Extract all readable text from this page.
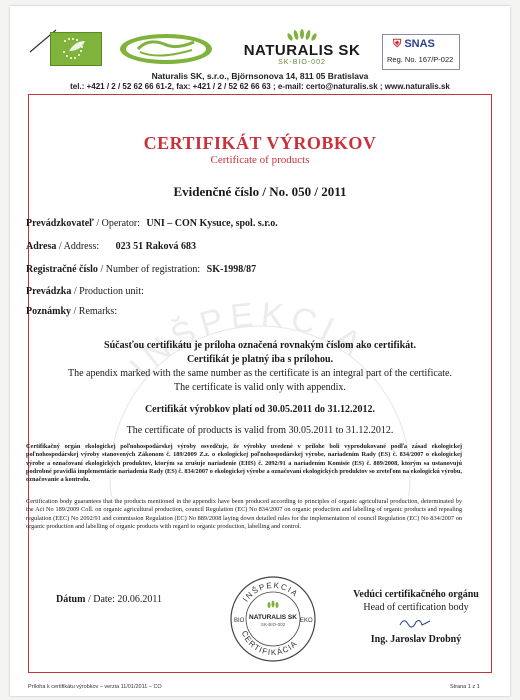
NATURALIS SK
SK-BIO-002
⛨ SNAS
Reg. No. 167/P-022
Naturalis SK, s.r.o., Björnsonova 14, 811 05 Bratislava
tel.: +421 / 2 / 52 62 66 61-2, fax: +421 / 2 / 52 62 66 63 ; e-mail: certo@naturalis.sk ; www.naturalis.sk
INŠPEKCIA
CERTIFIKÁT VÝROBKOV
Certificate of products
Evidenčné číslo / No. 050 / 2011
Prevádzkovateľ / Operator: UNI – CON Kysuce, spol. s.r.o.
Adresa / Address: 023 51 Raková 683
Registračné číslo / Number of registration: SK-1998/87
Prevádzka / Production unit:
Poznámky / Remarks:
Súčasťou certifikátu je príloha označená rovnakým číslom ako certifikát.
Certifikát je platný iba s prílohou.
The apendix marked with the same number as the certificate is an integral part of the certificate.
The certificate is valid only with appendix.
Certifikát výrobkov platí od 30.05.2011 do 31.12.2012.
The certificate of products is valid from 30.05.2011 to 31.12.2012.
Certifikačný orgán ekologickej poľnohospodárskej výroby osvedčuje, že výrobky uvedené v prílohe boli vyprodukované podľa zásad ekologickej poľnohospodárskej výroby stanovených Zákonom č. 189/2009 Z.z. o ekologickej poľnohospodárskej výrobe, nariadením Rady (ES) č. 834/2007 o ekologickej výrobe a označovaní ekologických produktov, ktorým sa zrušuje nariadenie (EHS) č. 2092/91 a nariadením Komisie (ES) č. 889/2008, ktorým sa ustanovujú podrobné pravidlá implementácie nariadenia Rady (ES) č. 834/2007 o ekologickej výrobe a označovaní ekologických produktov so zreteľom na ekologickú výrobu, označovanie a kontrolu.
Certification body guarantees that the products mentioned in the appendix have been produced according to principles of organic agricultural production, determinated by the Act No 189/2009 Coll. on organic agricultural production, council Regulation (EC) No 834/2007 on organic production and labelling of organic products and repealing regulation (EEC) No 2092/91 and commission Regulation (EC) No 889/2008 laying down detailed rules for the implementation of council Regulation (EC) No 834/2007 on organic production and labelling of organic products with regard to organic production, labelling and control.
Dátum / Date: 20.06.2011	INŠPEKCIA
CERTIFIKÁCIA
BIO	EKO
NATURALIS SK
SK-BIO-002
Vedúci certifikačného orgánu
Head of certification body
Ing. Jaroslav Drobný
Príloha k certifikátu výrobkov – verzia 11/01/2011 – CO	Strana 1 z 1
